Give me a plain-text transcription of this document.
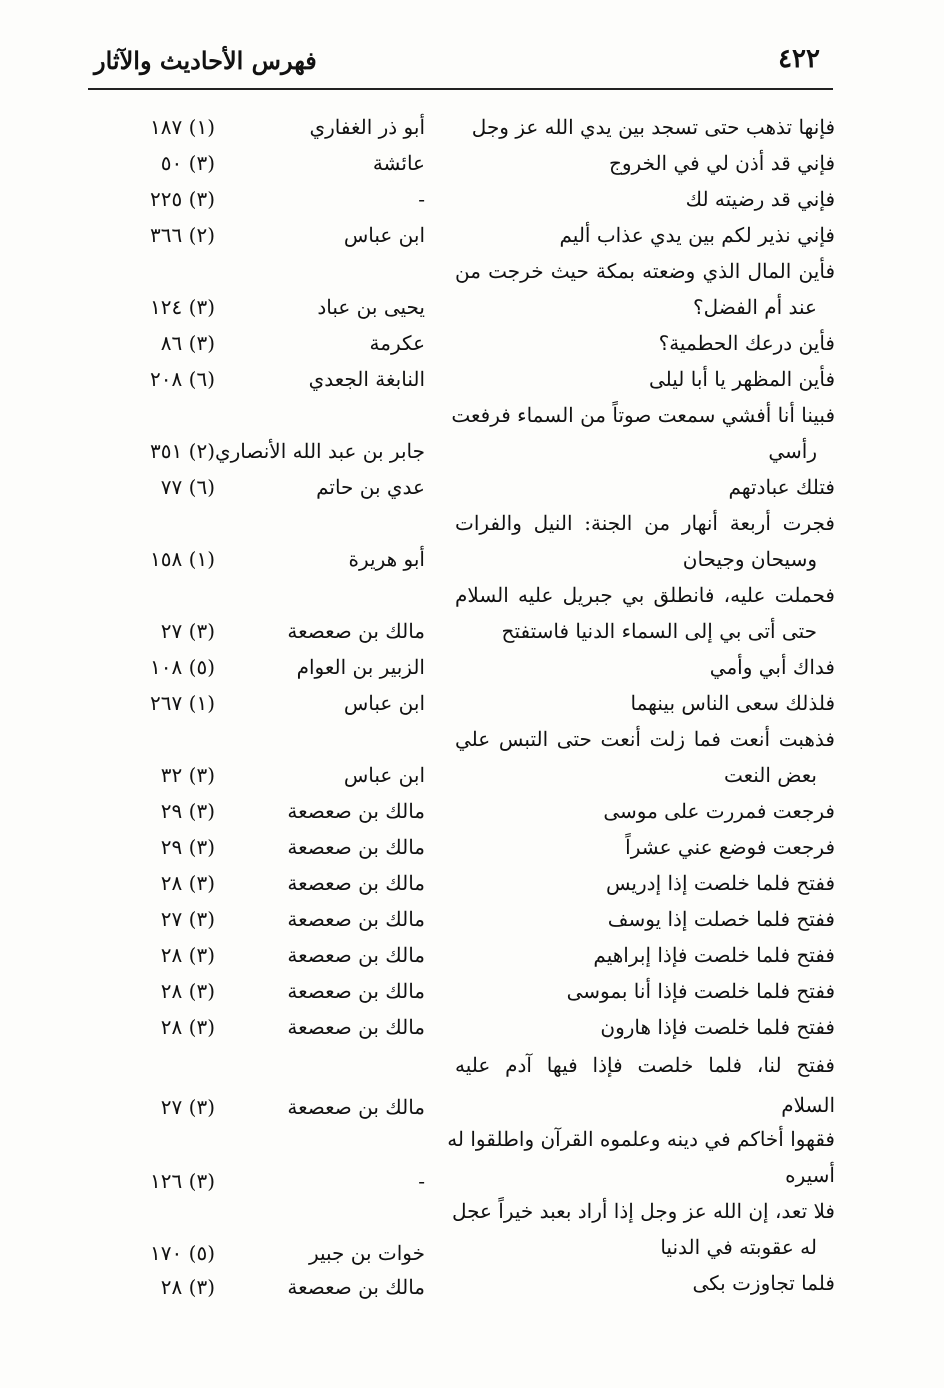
٤٢٢
فهرس الأحاديث والآثار
فإنها تذهب حتى تسجد بين يدي الله عز وجل
أبو ذر الغفاري
(١) ١٨٧
فإني قد أذن لي في الخروج
عائشة
(٣) ٥٠
فإني قد رضيته لك
-
(٣) ٢٢٥
فإني نذير لكم بين يدي عذاب أليم
ابن عباس
(٢) ٣٦٦
فأين المال الذي وضعته بمكة حيث خرجت من
عند أم الفضل؟
يحيى بن عباد
(٣) ١٢٤
فأين درعك الحطمية؟
عكرمة
(٣) ٨٦
فأين المظهر يا أبا ليلى
النابغة الجعدي
(٦) ٢٠٨
فبينا أنا أفشي سمعت صوتاً من السماء فرفعت
رأسي
جابر بن عبد الله الأنصاري
(٢) ٣٥١
فتلك عبادتهم
عدي بن حاتم
(٦) ٧٧
فجرت أربعة أنهار من الجنة: النيل والفرات
وسيحان وجيحان
أبو هريرة
(١) ١٥٨
فحملت عليه، فانطلق بي جبريل عليه السلام
حتى أتى بي إلى السماء الدنيا فاستفتح
مالك بن صعصعة
(٣) ٢٧
فداك أبي وأمي
الزبير بن العوام
(٥) ١٠٨
فلذلك سعى الناس بينهما
ابن عباس
(١) ٢٦٧
فذهبت أنعت فما زلت أنعت حتى التبس علي
بعض النعت
ابن عباس
(٣) ٣٢
فرجعت فمررت على موسى
مالك بن صعصعة
(٣) ٢٩
فرجعت فوضع عني عشراً
مالك بن صعصعة
(٣) ٢٩
ففتح فلما خلصت إذا إدريس
مالك بن صعصعة
(٣) ٢٨
ففتح فلما خصلت إذا يوسف
مالك بن صعصعة
(٣) ٢٧
ففتح فلما خلصت فإذا إبراهيم
مالك بن صعصعة
(٣) ٢٨
ففتح فلما خلصت فإذا أنا بموسى
مالك بن صعصعة
(٣) ٢٨
ففتح فلما خلصت فإذا هارون
مالك بن صعصعة
(٣) ٢٨
ففتح لنا، فلما خلصت فإذا فيها آدم عليه
السلام
مالك بن صعصعة
(٣) ٢٧
فقهوا أخاكم في دينه وعلموه القرآن واطلقوا له
أسيره
-
(٣) ١٢٦
فلا تعد، إن الله عز وجل إذا أراد بعبد خيراً عجل
له عقوبته في الدنيا
خوات بن جبير
(٥) ١٧٠
فلما تجاوزت بكى
مالك بن صعصعة
(٣) ٢٨
